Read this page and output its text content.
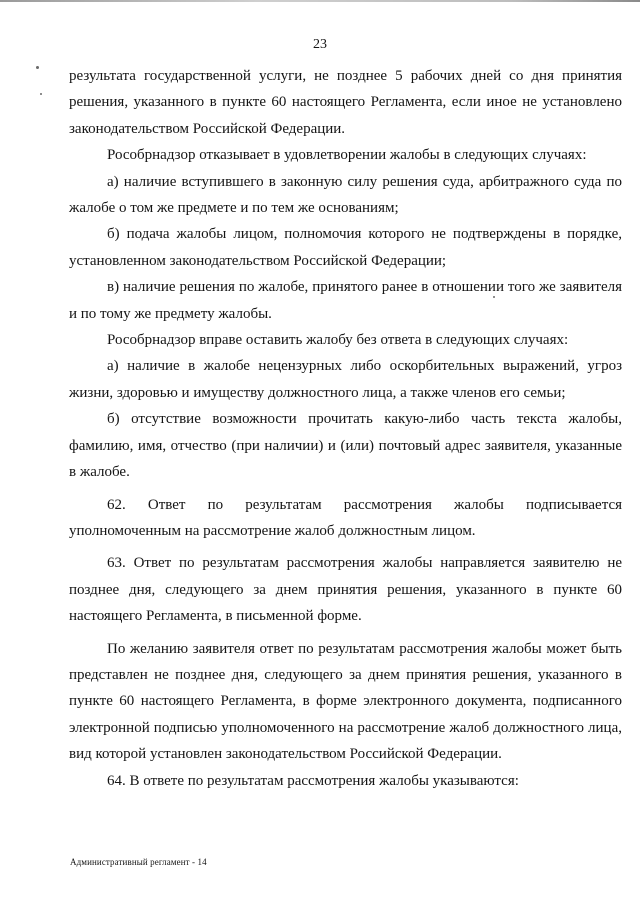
23

результата государственной услуги, не позднее 5 рабочих дней со дня принятия решения, указанного в пункте 60 настоящего Регламента, если иное не установлено законодательством Российской Федерации.

Рособрнадзор отказывает в удовлетворении жалобы в следующих случаях:

а) наличие вступившего в законную силу решения суда, арбитражного суда по жалобе о том же предмете и по тем же основаниям;

б) подача жалобы лицом, полномочия которого не подтверждены в порядке, установленном законодательством Российской Федерации;

в) наличие решения по жалобе, принятого ранее в отношении того же заявителя и по тому же предмету жалобы.

Рособрнадзор вправе оставить жалобу без ответа в следующих случаях:

а) наличие в жалобе нецензурных либо оскорбительных выражений, угроз жизни, здоровью и имуществу должностного лица, а также членов его семьи;

б) отсутствие возможности прочитать какую-либо часть текста жалобы, фамилию, имя, отчество (при наличии) и (или) почтовый адрес заявителя, указанные в жалобе.

62. Ответ по результатам рассмотрения жалобы подписывается уполномоченным на рассмотрение жалоб должностным лицом.

63. Ответ по результатам рассмотрения жалобы направляется заявителю не позднее дня, следующего за днем принятия решения, указанного в пункте 60 настоящего Регламента, в письменной форме.

По желанию заявителя ответ по результатам рассмотрения жалобы может быть представлен не позднее дня, следующего за днем принятия решения, указанного в пункте 60 настоящего Регламента, в форме электронного документа, подписанного электронной подписью уполномоченного на рассмотрение жалоб должностного лица, вид которой установлен законодательством Российской Федерации.

64. В ответе по результатам рассмотрения жалобы указываются:

Административный регламент - 14
